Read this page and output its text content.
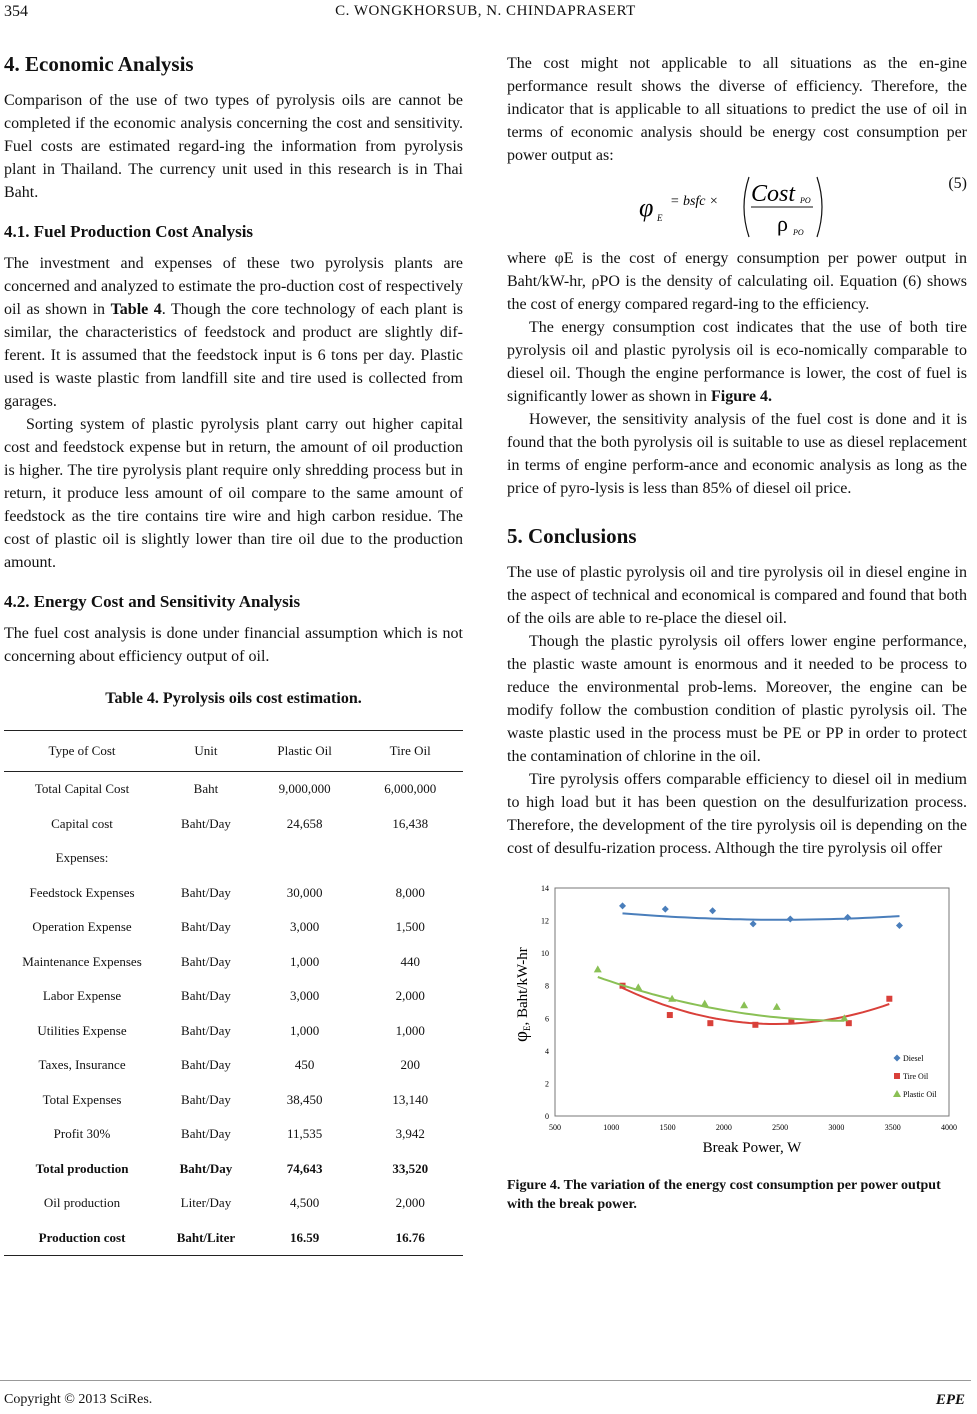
354	C. WONGKHORSUB, N. CHINDAPRASERT
4. Economic Analysis

Comparison of the use of two types of pyrolysis oils are cannot be completed if the economic analysis concerning the cost and sensitivity. Fuel costs are estimated regard-ing the information from pyrolysis plant in Thailand. The currency unit used in this research is in Thai Baht.

4.1. Fuel Production Cost Analysis

The investment and expenses of these two pyrolysis plants are concerned and analyzed to estimate the pro-duction cost of respectively oil as shown in Table 4. Though the core technology of each plant is similar, the characteristics of feedstock and product are slightly dif-ferent. It is assumed that the feedstock input is 6 tons per day. Plastic used is waste plastic from landfill site and tire used is collected from garages.

Sorting system of plastic pyrolysis plant carry out higher capital cost and feedstock expense but in return, the amount of oil production is higher. The tire pyrolysis plant require only shredding process but in return, it produce less amount of oil compare to the same amount of feedstock as the tire contains tire wire and high carbon residue. The cost of plastic oil is slightly lower than tire oil due to the production amount.

4.2. Energy Cost and Sensitivity Analysis

The fuel cost analysis is done under financial assumption which is not concerning about efficiency output of oil.

Table 4. Pyrolysis oils cost estimation.
Type of Cost	Unit	Plastic Oil	Tire Oil
Total Capital Cost	Baht	9,000,000	6,000,000
Capital cost	Baht/Day	24,658	16,438
Expenses:			
Feedstock Expenses	Baht/Day	30,000	8,000
Operation Expense	Baht/Day	3,000	1,500
Maintenance Expenses	Baht/Day	1,000	440
Labor Expense	Baht/Day	3,000	2,000
Utilities Expense	Baht/Day	1,000	1,000
Taxes, Insurance	Baht/Day	450	200
Total Expenses	Baht/Day	38,450	13,140
Profit 30%	Baht/Day	11,535	3,942
Total production	Baht/Day	74,643	33,520
Oil production	Liter/Day	4,500	2,000
Production cost	Baht/Liter	16.59	16.76

The cost might not applicable to all situations as the en-gine performance result shows the diverse of efficiency. Therefore, the indicator that is applicable to all situations to predict the use of oil in terms of economic analysis should be energy cost consumption per power output as:

φ E
= bsfc × Cost PO
ρ PO
(5)

where φE is the cost of energy consumption per power output in Baht/kW-hr, ρPO is the density of calculating oil. Equation (6) shows the cost of energy compared regard-ing to the efficiency.

The energy consumption cost indicates that the use of both tire pyrolysis oil and plastic pyrolysis oil is eco-nomically comparable to diesel oil. Though the engine performance is lower, the cost of fuel is significantly lower as shown in Figure 4.

However, the sensitivity analysis of the fuel cost is done and it is found that the both pyrolysis oil is suitable to use as diesel replacement in terms of engine perform-ance and economic analysis as long as the price of pyro-lysis is less than 85% of diesel oil price.

5. Conclusions

The use of plastic pyrolysis oil and tire pyrolysis oil in diesel engine in the aspect of technical and economical is compared and found that both of the oils are able to re-place the diesel oil.

Though the plastic pyrolysis oil offers lower engine performance, the plastic waste amount is enormous and it needed to be process to reduce the environmental prob-lems. Moreover, the engine can be modify follow the combustion condition of plastic pyrolysis oil. The waste plastic used in the process must be PE or PP in order to protect the contamination of chlorine in the oil.

Tire pyrolysis offers comparable efficiency to diesel oil in medium to high load but it has been question on the desulfurization process. Therefore, the development of the tire pyrolysis oil is depending on the cost of desulfu-rization process. Although the tire pyrolysis oil offer

500	1000	1500	2000	2500	3000	3500	4000
0
2
4
6
8
10
12
14
Break Power, W
$\varphi_E$, Baht/kW-hr
Diesel
Tire Oil
Plastic Oil
Figure 4. The variation of the energy cost consumption per power output with the break power.
Copyright © 2013 SciRes.	EPE
